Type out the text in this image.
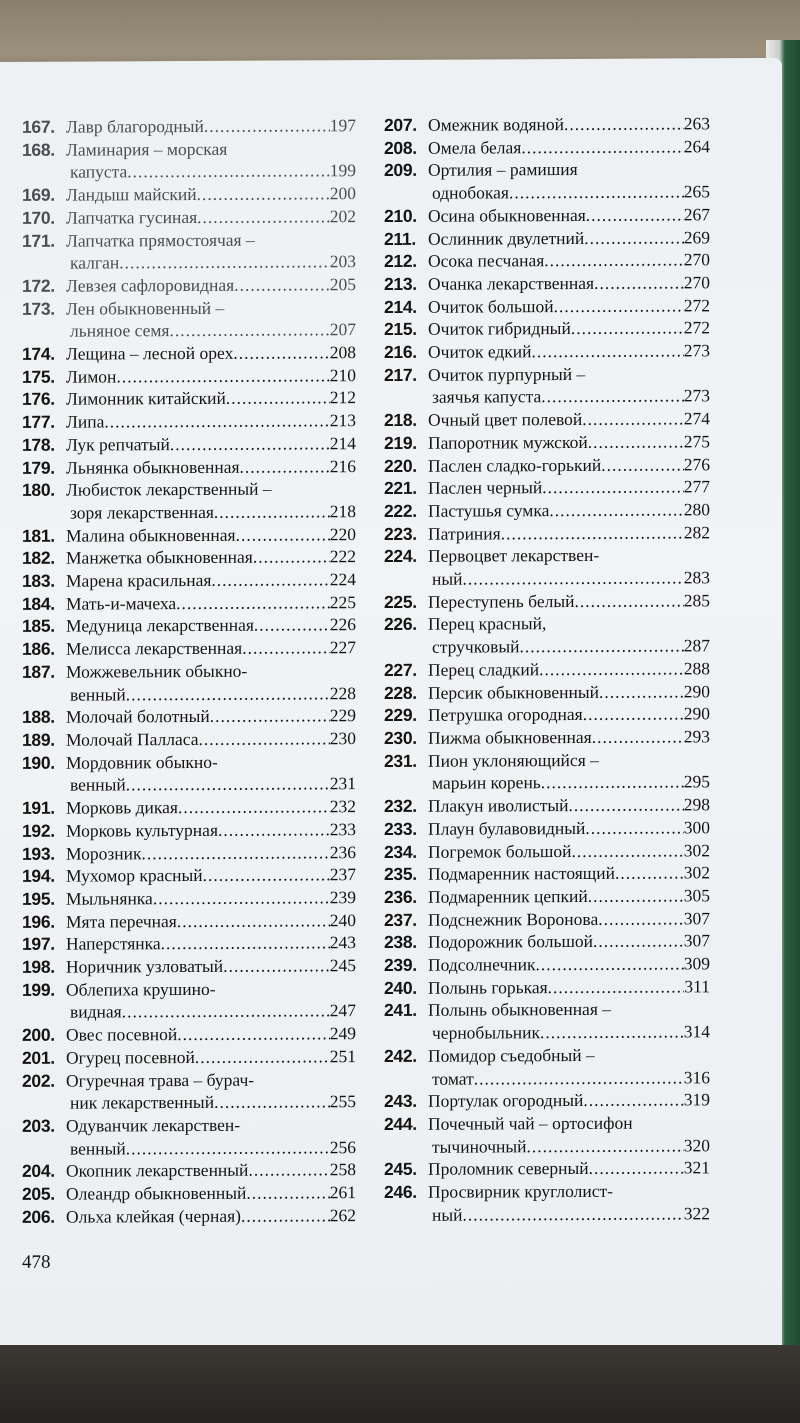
167. Лавр благородный .....	197
168. Ламинария – морская
капуста .....	199
169. Ландыш майский .....	200
170. Лапчатка гусиная .....	202
171. Лапчатка прямостоячая –
калган .....	203
172. Левзея сафлоровидная .....	205
173. Лен обыкновенный –
льняное семя .....	207
174. Лещина – лесной орех .....	208
175. Лимон .....	210
176. Лимонник китайский .....	212
177. Липа .....	213
178. Лук репчатый .....	214
179. Льнянка обыкновенная .....	216
180. Любисток лекарственный –
зоря лекарственная .....	218
181. Малина обыкновенная .....	220
182. Манжетка обыкновенная .....	222
183. Марена красильная .....	224
184. Мать-и-мачеха .....	225
185. Медуница лекарственная .....	226
186. Мелисса лекарственная .....	227
187. Можжевельник обыкно-
венный .....	228
188. Молочай болотный .....	229
189. Молочай Палласа .....	230
190. Мордовник обыкно-
венный .....	231
191. Морковь дикая .....	232
192. Морковь культурная .....	233
193. Морозник .....	236
194. Мухомор красный .....	237
195. Мыльнянка .....	239
196. Мята перечная .....	240
197. Наперстянка .....	243
198. Норичник узловатый .....	245
199. Облепиха крушино-
видная .....	247
200. Овес посевной .....	249
201. Огурец посевной .....	251
202. Огуречная трава – бурач-
ник лекарственный .....	255
203. Одуванчик лекарствен-
венный .....	256
204. Окопник лекарственный .....	258
205. Олеандр обыкновенный .....	261
206. Ольха клейкая (черная) .....	262
207. Омежник водяной .....	263
208. Омела белая .....	264
209. Ортилия – рамишия
однобокая .....	265
210. Осина обыкновенная .....	267
211. Ослинник двулетний .....	269
212. Осока песчаная .....	270
213. Очанка лекарственная .....	270
214. Очиток большой .....	272
215. Очиток гибридный .....	272
216. Очиток едкий .....	273
217. Очиток пурпурный –
заячья капуста .....	273
218. Очный цвет полевой .....	274
219. Папоротник мужской .....	275
220. Паслен сладко-горький .....	276
221. Паслен черный .....	277
222. Пастушья сумка .....	280
223. Патриния .....	282
224. Первоцвет лекарствен-
ный .....	283
225. Переступень белый .....	285
226. Перец красный,
стручковый .....	287
227. Перец сладкий .....	288
228. Персик обыкновенный .....	290
229. Петрушка огородная .....	290
230. Пижма обыкновенная .....	293
231. Пион уклоняющийся –
марьин корень .....	295
232. Плакун иволистый .....	298
233. Плаун булавовидный .....	300
234. Погремок большой .....	302
235. Подмаренник настоящий .....	302
236. Подмаренник цепкий .....	305
237. Подснежник Воронова .....	307
238. Подорожник большой .....	307
239. Подсолнечник .....	309
240. Полынь горькая .....	311
241. Полынь обыкновенная –
чернобыльник .....	314
242. Помидор съедобный –
томат .....	316
243. Портулак огородный .....	319
244. Почечный чай – ортосифон
тычиночный .....	320
245. Проломник северный .....	321
246. Просвирник круглолист-
ный .....	322
478
